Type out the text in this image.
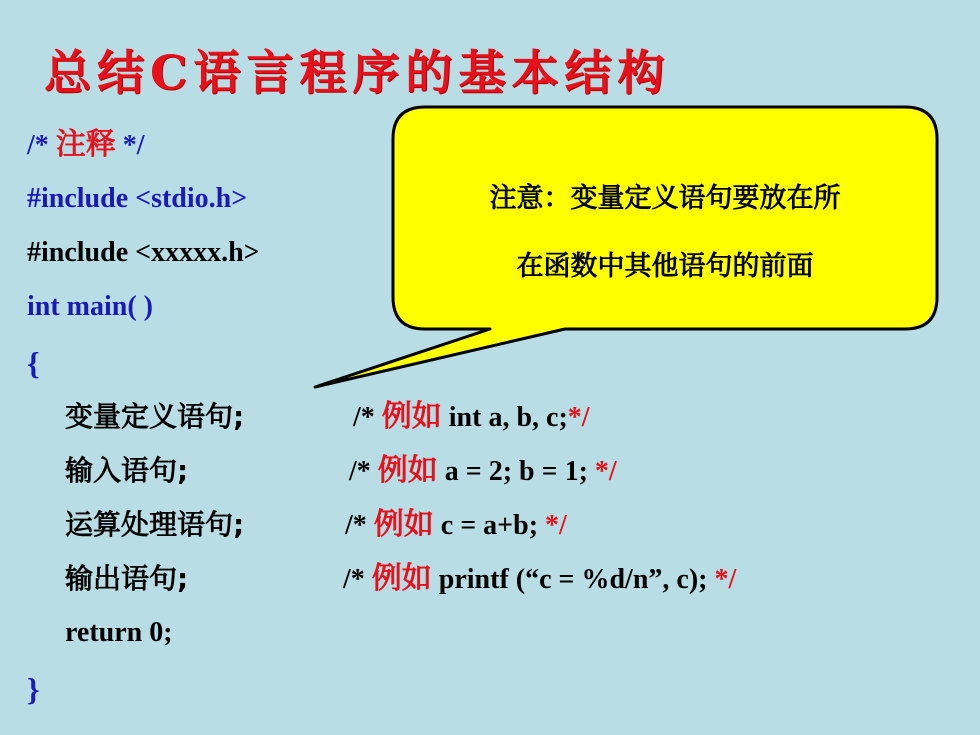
总结C语言程序的基本结构
/* 注释 */
#include <stdio.h>
#include <xxxxx.h>
int main( )
{
变量定义语句;	/* 例如 int a, b, c;*/
输入语句;	/* 例如 a = 2; b = 1; */
运算处理语句;	/* 例如 c = a+b; */
输出语句;	/* 例如 printf (“c = %d/n”, c); */
return 0;
}
注意：变量定义语句要放在所
在函数中其他语句的前面
